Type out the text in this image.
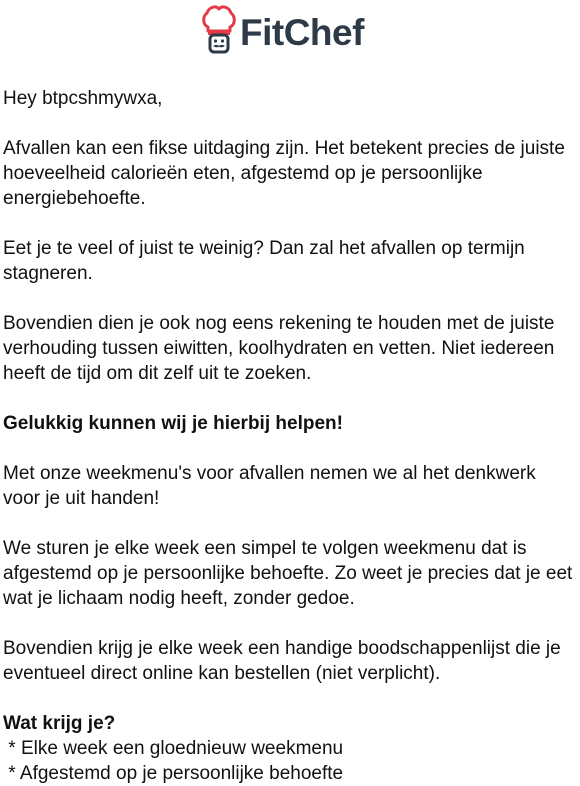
FitChef

Hey btpcshmywxa,

Afvallen kan een fikse uitdaging zijn. Het betekent precies de juiste hoeveelheid calorieën eten, afgestemd op je persoonlijke energiebehoefte.

Eet je te veel of juist te weinig? Dan zal het afvallen op termijn stagneren.

Bovendien dien je ook nog eens rekening te houden met de juiste verhouding tussen eiwitten, koolhydraten en vetten. Niet iedereen heeft de tijd om dit zelf uit te zoeken.

Gelukkig kunnen wij je hierbij helpen!

Met onze weekmenu's voor afvallen nemen we al het denkwerk voor je uit handen!

We sturen je elke week een simpel te volgen weekmenu dat is afgestemd op je persoonlijke behoefte. Zo weet je precies dat je eet wat je lichaam nodig heeft, zonder gedoe.

Bovendien krijg je elke week een handige boodschappenlijst die je eventueel direct online kan bestellen (niet verplicht).

Wat krijg je?
* Elke week een gloednieuw weekmenu
* Afgestemd op je persoonlijke behoefte
